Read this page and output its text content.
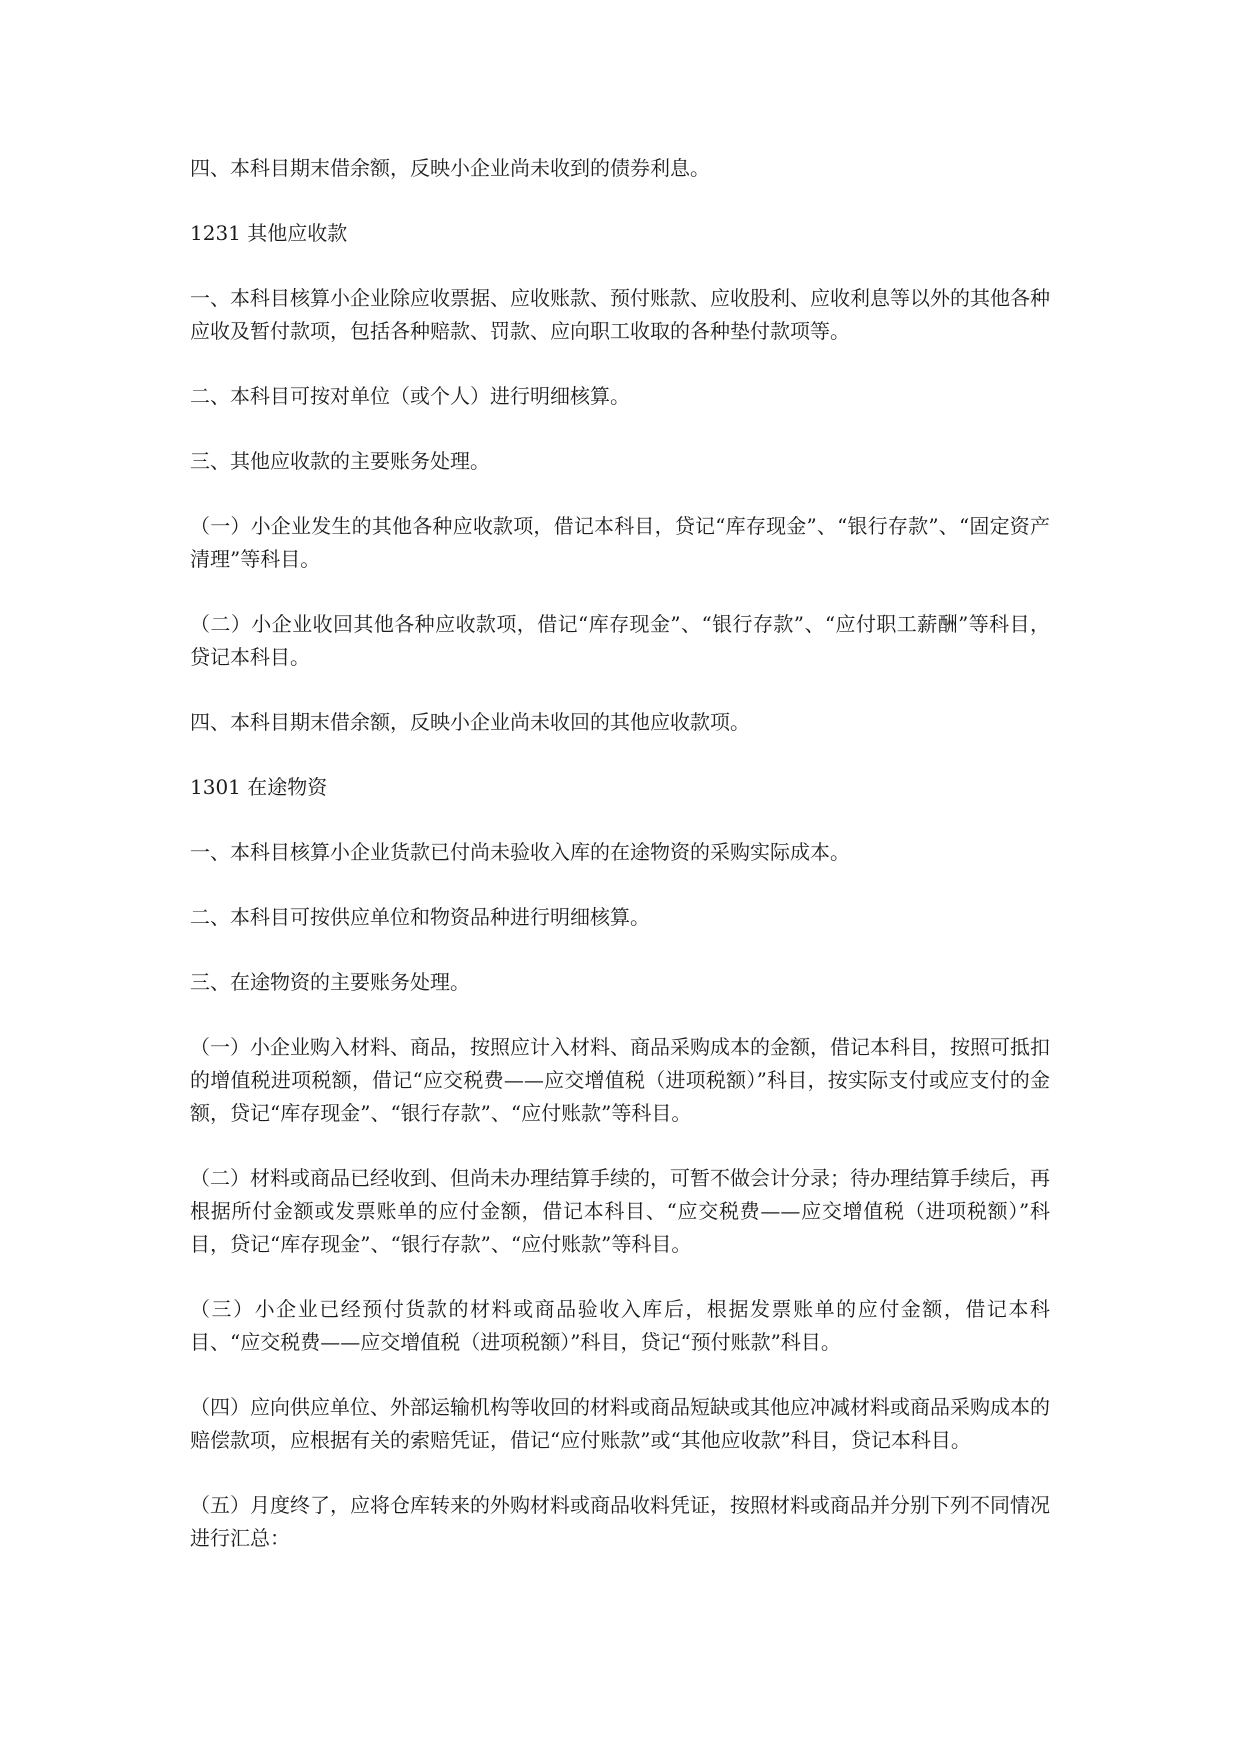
四、本科目期末借余额，反映小企业尚未收到的债券利息。

1231 其他应收款

一、本科目核算小企业除应收票据、应收账款、预付账款、应收股利、应收利息等以外的其他各种应收及暂付款项，包括各种赔款、罚款、应向职工收取的各种垫付款项等。

二、本科目可按对单位（或个人）进行明细核算。

三、其他应收款的主要账务处理。

（一）小企业发生的其他各种应收款项，借记本科目，贷记“库存现金”、“银行存款”、“固定资产清理”等科目。

（二）小企业收回其他各种应收款项，借记“库存现金”、“银行存款”、“应付职工薪酬”等科目，贷记本科目。

四、本科目期末借余额，反映小企业尚未收回的其他应收款项。

1301 在途物资

一、本科目核算小企业货款已付尚未验收入库的在途物资的采购实际成本。

二、本科目可按供应单位和物资品种进行明细核算。

三、在途物资的主要账务处理。

（一）小企业购入材料、商品，按照应计入材料、商品采购成本的金额，借记本科目，按照可抵扣的增值税进项税额，借记“应交税费——应交增值税（进项税额）”科目，按实际支付或应支付的金额，贷记“库存现金”、“银行存款”、“应付账款”等科目。

（二）材料或商品已经收到、但尚未办理结算手续的，可暂不做会计分录；待办理结算手续后，再根据所付金额或发票账单的应付金额，借记本科目、“应交税费——应交增值税（进项税额）”科目，贷记“库存现金”、“银行存款”、“应付账款”等科目。

（三）小企业已经预付货款的材料或商品验收入库后，根据发票账单的应付金额，借记本科目、“应交税费——应交增值税（进项税额）”科目，贷记“预付账款”科目。

（四）应向供应单位、外部运输机构等收回的材料或商品短缺或其他应冲减材料或商品采购成本的赔偿款项，应根据有关的索赔凭证，借记“应付账款”或“其他应收款”科目，贷记本科目。

（五）月度终了，应将仓库转来的外购材料或商品收料凭证，按照材料或商品并分别下列不同情况进行汇总：
